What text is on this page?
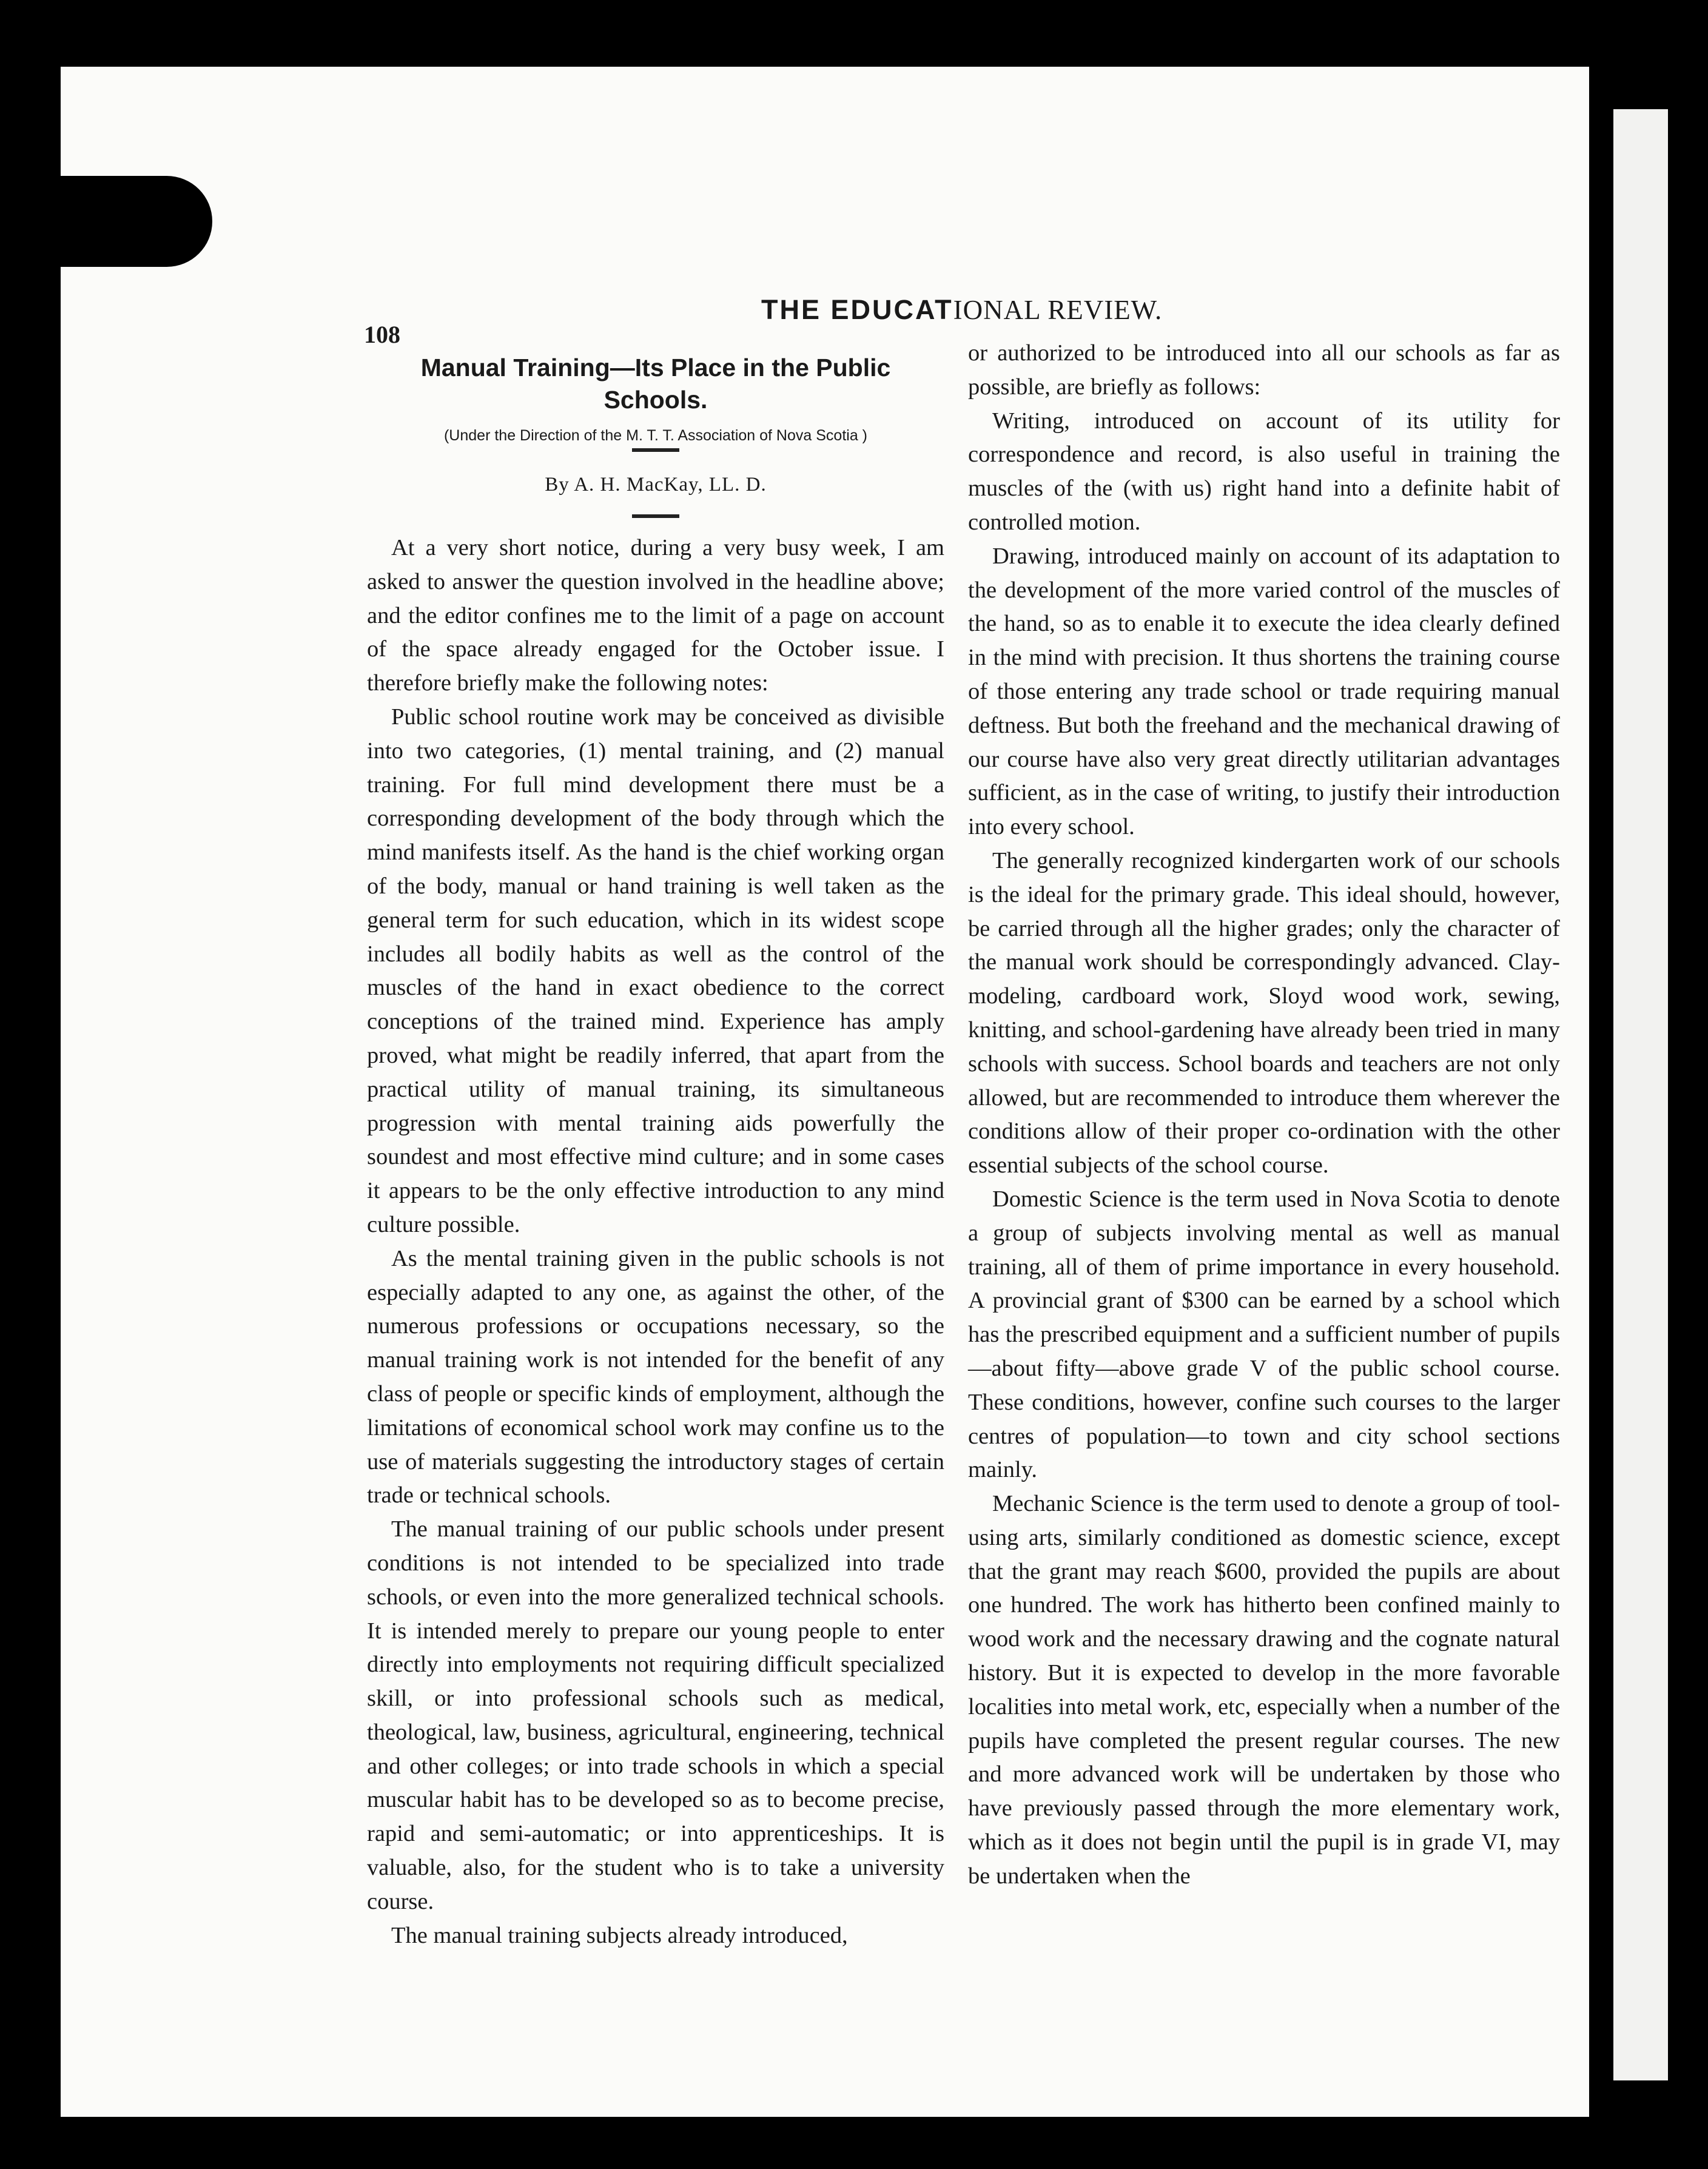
108
THE EDUCATIONAL REVIEW.
Manual Training—Its Place in the Public Schools.
(Under the Direction of the M. T. T. Association of Nova Scotia )
By A. H. MacKay, LL. D.

At a very short notice, during a very busy week, I am asked to answer the question involved in the headline above; and the editor confines me to the limit of a page on account of the space already engaged for the October issue. I therefore briefly make the following notes:

Public school routine work may be conceived as divisible into two categories, (1) mental training, and (2) manual training. For full mind development there must be a corresponding development of the body through which the mind manifests itself. As the hand is the chief working organ of the body, manual or hand training is well taken as the general term for such education, which in its widest scope includes all bodily habits as well as the control of the muscles of the hand in exact obedience to the correct conceptions of the trained mind. Experience has amply proved, what might be readily inferred, that apart from the practical utility of manual training, its simultaneous progression with mental training aids powerfully the soundest and most effective mind culture; and in some cases it appears to be the only effective introduction to any mind culture possible.

As the mental training given in the public schools is not especially adapted to any one, as against the other, of the numerous professions or occupations necessary, so the manual training work is not intended for the benefit of any class of people or specific kinds of employment, although the limitations of economical school work may confine us to the use of materials suggesting the introductory stages of certain trade or technical schools.

The manual training of our public schools under present conditions is not intended to be specialized into trade schools, or even into the more generalized technical schools. It is intended merely to prepare our young people to enter directly into employments not requiring difficult specialized skill, or into professional schools such as medical, theological, law, business, agricultural, engineering, technical and other colleges; or into trade schools in which a special muscular habit has to be developed so as to become precise, rapid and semi-automatic; or into apprenticeships. It is valuable, also, for the student who is to take a university course.

The manual training subjects already introduced,

or authorized to be introduced into all our schools as far as possible, are briefly as follows:

Writing, introduced on account of its utility for correspondence and record, is also useful in training the muscles of the (with us) right hand into a definite habit of controlled motion.

Drawing, introduced mainly on account of its adaptation to the development of the more varied control of the muscles of the hand, so as to enable it to execute the idea clearly defined in the mind with precision. It thus shortens the training course of those entering any trade school or trade requiring manual deftness. But both the freehand and the mechanical drawing of our course have also very great directly utilitarian advantages sufficient, as in the case of writing, to justify their introduction into every school.

The generally recognized kindergarten work of our schools is the ideal for the primary grade. This ideal should, however, be carried through all the higher grades; only the character of the manual work should be correspondingly advanced. Clay-modeling, cardboard work, Sloyd wood work, sewing, knitting, and school-gardening have already been tried in many schools with success. School boards and teachers are not only allowed, but are recommended to introduce them wherever the conditions allow of their proper co-ordination with the other essential subjects of the school course.

Domestic Science is the term used in Nova Scotia to denote a group of subjects involving mental as well as manual training, all of them of prime importance in every household. A provincial grant of $300 can be earned by a school which has the prescribed equipment and a sufficient number of pupils—about fifty—above grade V of the public school course. These conditions, however, confine such courses to the larger centres of population—to town and city school sections mainly.

Mechanic Science is the term used to denote a group of tool-using arts, similarly conditioned as domestic science, except that the grant may reach $600, provided the pupils are about one hundred. The work has hitherto been confined mainly to wood work and the necessary drawing and the cognate natural history. But it is expected to develop in the more favorable localities into metal work, etc, especially when a number of the pupils have completed the present regular courses. The new and more advanced work will be undertaken by those who have previously passed through the more elementary work, which as it does not begin until the pupil is in grade VI, may be undertaken when the
